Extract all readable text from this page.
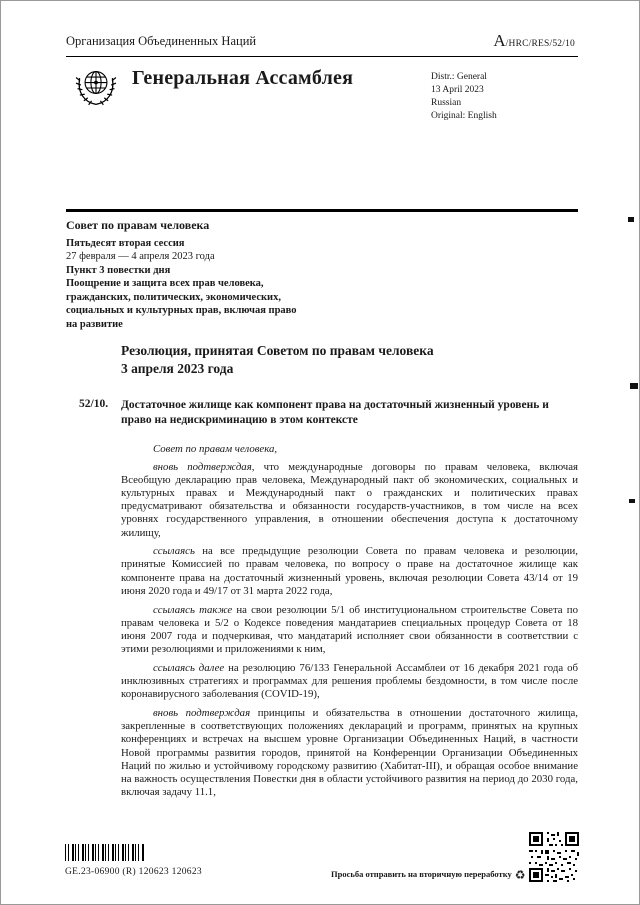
Организация Объединенных Наций	A/HRC/RES/52/10
Генеральная Ассамблея	Distr.: General
13 April 2023
Russian
Original: English
Совет по правам человека
Пятьдесят вторая сессия
27 февраля — 4 апреля 2023 года
Пункт 3 повестки дня
Поощрение и защита всех прав человека, гражданских, политических, экономических, социальных и культурных прав, включая право на развитие
Резолюция, принятая Советом по правам человека
3 апреля 2023 года
52/10.	Достаточное жилище как компонент права на достаточный жизненный уровень и право на недискриминацию в этом контексте
Совет по правам человека,
вновь подтверждая, что международные договоры по правам человека, включая Всеобщую декларацию прав человека, Международный пакт об экономических, социальных и культурных правах и Международный пакт о гражданских и политических правах предусматривают обязательства и обязанности государств-участников, в том числе на всех уровнях государственного управления, в отношении обеспечения доступа к достаточному жилищу,
ссылаясь на все предыдущие резолюции Совета по правам человека и резолюции, принятые Комиссией по правам человека, по вопросу о праве на достаточное жилище как компоненте права на достаточный жизненный уровень, включая резолюции Совета 43/14 от 19 июня 2020 года и 49/17 от 31 марта 2022 года,
ссылаясь также на свои резолюции 5/1 об институциональном строительстве Совета по правам человека и 5/2 о Кодексе поведения мандатариев специальных процедур Совета от 18 июня 2007 года и подчеркивая, что мандатарий исполняет свои обязанности в соответствии с этими резолюциями и приложениями к ним,
ссылаясь далее на резолюцию 76/133 Генеральной Ассамблеи от 16 декабря 2021 года об инклюзивных стратегиях и программах для решения проблемы бездомности, в том числе после коронавирусного заболевания (COVID-19),
вновь подтверждая принципы и обязательства в отношении достаточного жилища, закрепленные в соответствующих положениях деклараций и программ, принятых на крупных конференциях и встречах на высшем уровне Организации Объединенных Наций, в частности Новой программы развития городов, принятой на Конференции Организации Объединенных Наций по жилью и устойчивому городскому развитию (Хабитат-III), и обращая особое внимание на важность осуществления Повестки дня в области устойчивого развития на период до 2030 года, включая задачу 11.1,
GE.23-06900 (R) 120623 120623	Просьба отправить на вторичную переработку ♻
